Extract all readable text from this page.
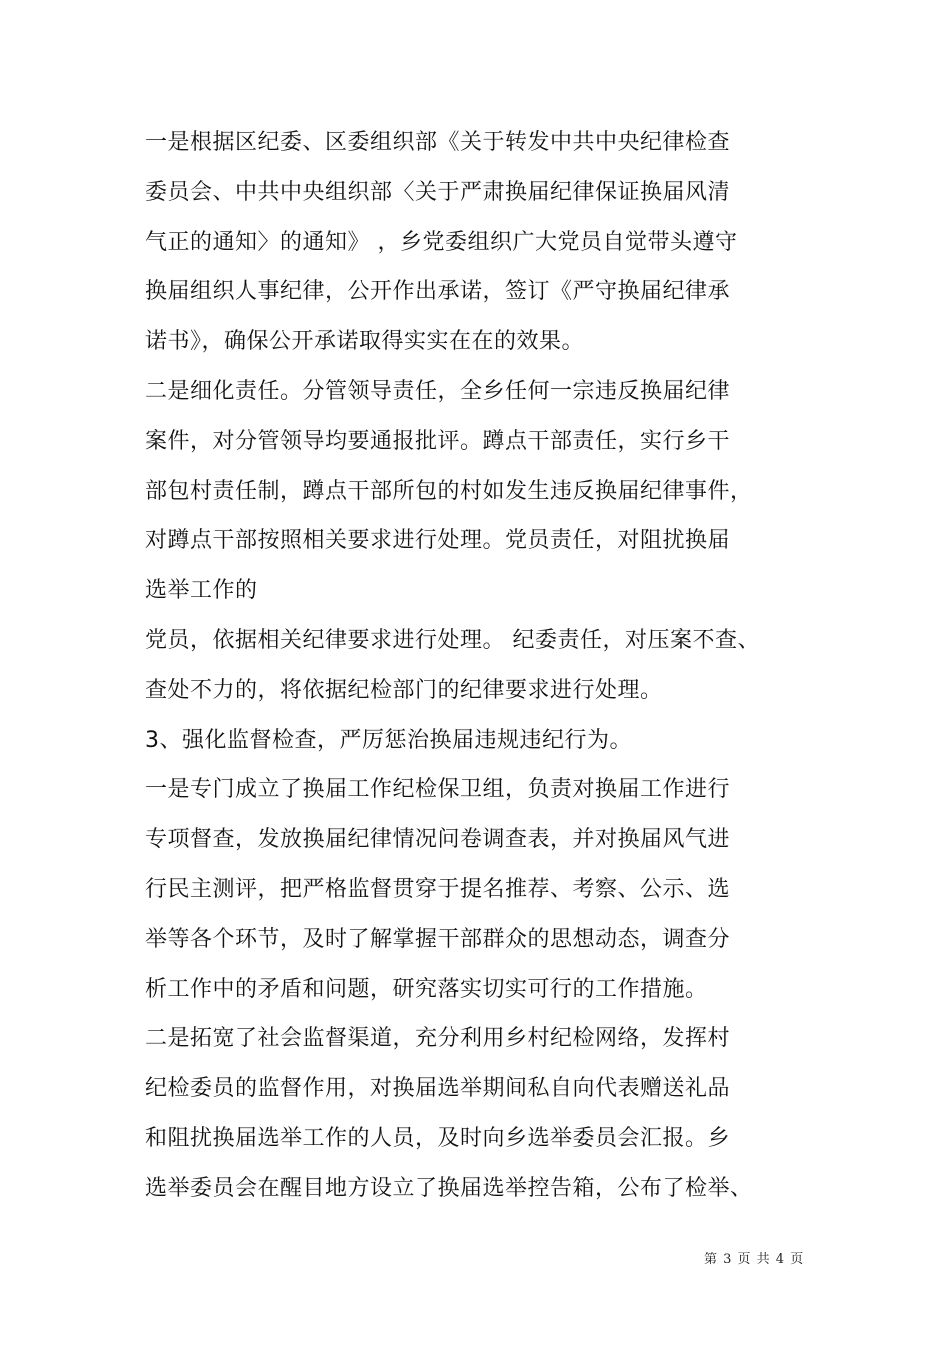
一是根据区纪委、区委组织部《关于转发中共中央纪律检查
委员会、中共中央组织部〈关于严肃换届纪律保证换届风清
气正的通知〉的通知》 ，乡党委组织广大党员自觉带头遵守
换届组织人事纪律，公开作出承诺，签订《严守换届纪律承
诺书》，确保公开承诺取得实实在在的效果。
二是细化责任。分管领导责任，全乡任何一宗违反换届纪律
案件，对分管领导均要通报批评。蹲点干部责任，实行乡干
部包村责任制，蹲点干部所包的村如发生违反换届纪律事件，
对蹲点干部按照相关要求进行处理。党员责任，对阻扰换届
选举工作的
党员，依据相关纪律要求进行处理。 纪委责任，对压案不查、
查处不力的，将依据纪检部门的纪律要求进行处理。
3、强化监督检查，严厉惩治换届违规违纪行为。
一是专门成立了换届工作纪检保卫组，负责对换届工作进行
专项督查，发放换届纪律情况问卷调查表，并对换届风气进
行民主测评，把严格监督贯穿于提名推荐、考察、公示、选
举等各个环节，及时了解掌握干部群众的思想动态，调查分
析工作中的矛盾和问题，研究落实切实可行的工作措施。
二是拓宽了社会监督渠道，充分利用乡村纪检网络，发挥村
纪检委员的监督作用，对换届选举期间私自向代表赠送礼品
和阻扰换届选举工作的人员，及时向乡选举委员会汇报。乡
选举委员会在醒目地方设立了换届选举控告箱，公布了检举、
第 3 页 共 4 页
